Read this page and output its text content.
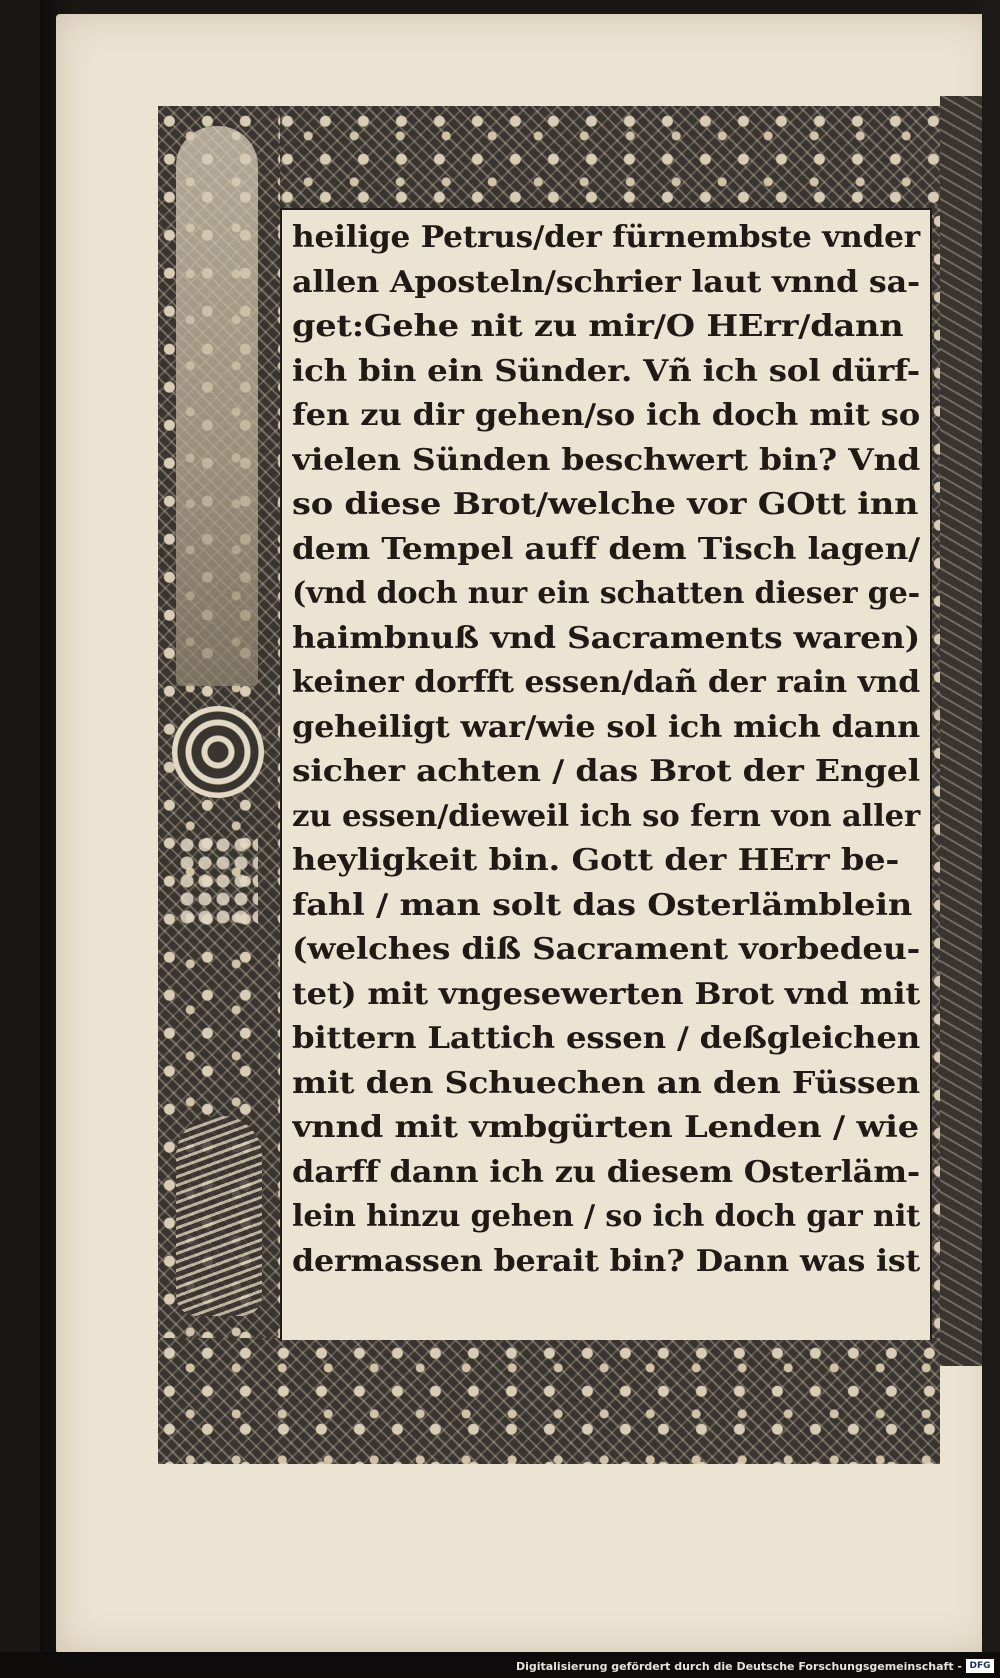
heilige Petrus/der fürnembste vnder
allen Aposteln/schrier laut vnnd sa-
get:Gehe nit zu mir/O HErr/dann
ich bin ein Sünder. Vñ ich sol dürf-
fen zu dir gehen/so ich doch mit so
vielen Sünden beschwert bin? Vnd
so diese Brot/welche vor GOtt inn
dem Tempel auff dem Tisch lagen/
(vnd doch nur ein schatten dieser ge-
haimbnuß vnd Sacraments waren)
keiner dorfft essen/dañ der rain vnd
geheiligt war/wie sol ich mich dann
sicher achten / das Brot der Engel
zu essen/dieweil ich so fern von aller
heyligkeit bin. Gott der HErr be-
fahl / man solt das Osterlämblein
(welches diß Sacrament vorbedeu-
tet) mit vngesewerten Brot vnd mit
bittern Lattich essen / deßgleichen
mit den Schuechen an den Füssen
vnnd mit vmbgürten Lenden / wie
darff dann ich zu diesem Osterläm-
lein hinzu gehen / so ich doch gar nit
dermassen berait bin? Dann was ist
Digitalisierung gefördert durch die Deutsche Forschungsgemeinschaft - DFG
